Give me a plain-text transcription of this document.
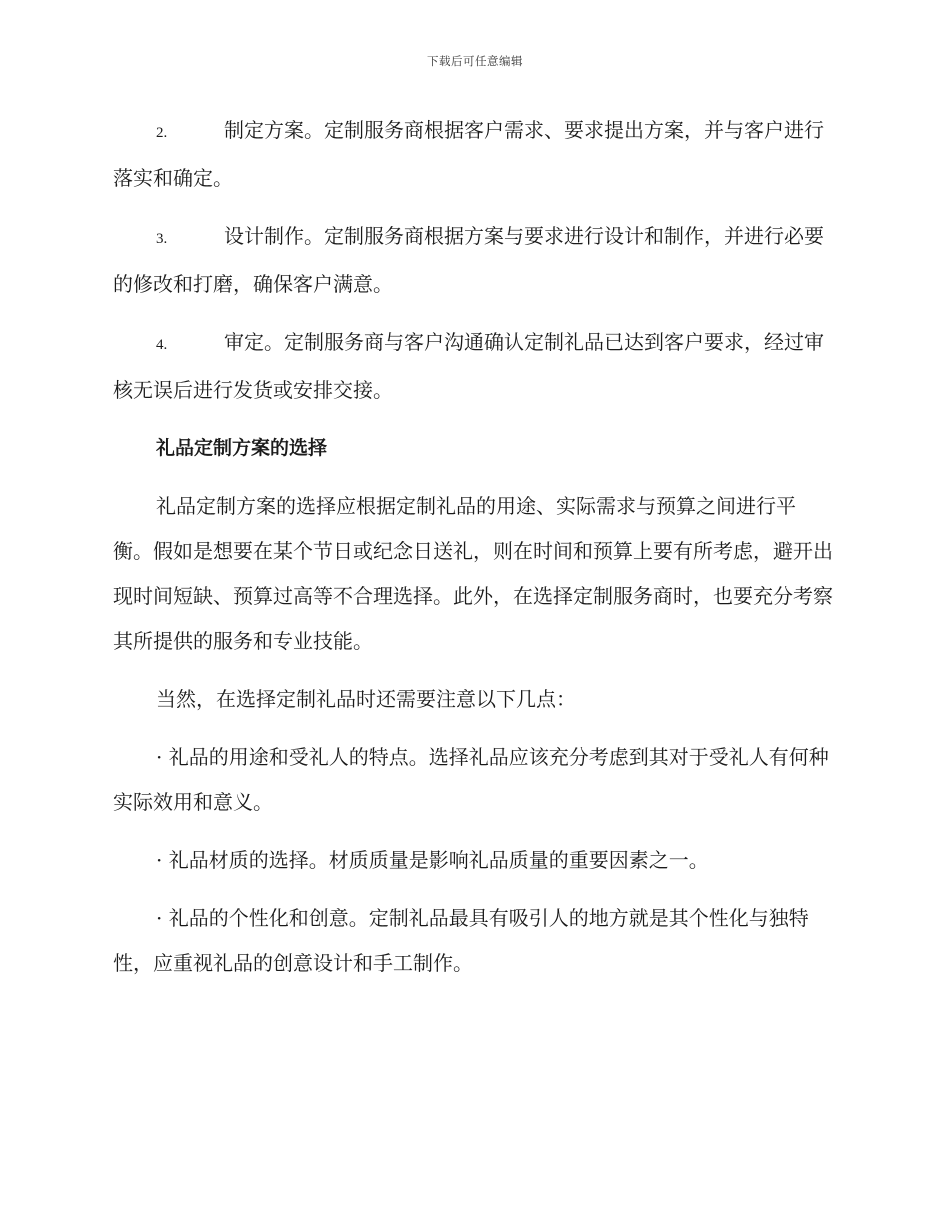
下载后可任意编辑

2.	制定方案。定制服务商根据客户需求、要求提出方案，并与客户进行落实和确定。

3.	设计制作。定制服务商根据方案与要求进行设计和制作，并进行必要的修改和打磨，确保客户满意。

4.	审定。定制服务商与客户沟通确认定制礼品已达到客户要求，经过审核无误后进行发货或安排交接。

礼品定制方案的选择

礼品定制方案的选择应根据定制礼品的用途、实际需求与预算之间进行平衡。假如是想要在某个节日或纪念日送礼，则在时间和预算上要有所考虑，避开出现时间短缺、预算过高等不合理选择。此外，在选择定制服务商时，也要充分考察其所提供的服务和专业技能。

当然，在选择定制礼品时还需要注意以下几点：

· 礼品的用途和受礼人的特点。选择礼品应该充分考虑到其对于受礼人有何种实际效用和意义。

· 礼品材质的选择。材质质量是影响礼品质量的重要因素之一。

· 礼品的个性化和创意。定制礼品最具有吸引人的地方就是其个性化与独特性，应重视礼品的创意设计和手工制作。
